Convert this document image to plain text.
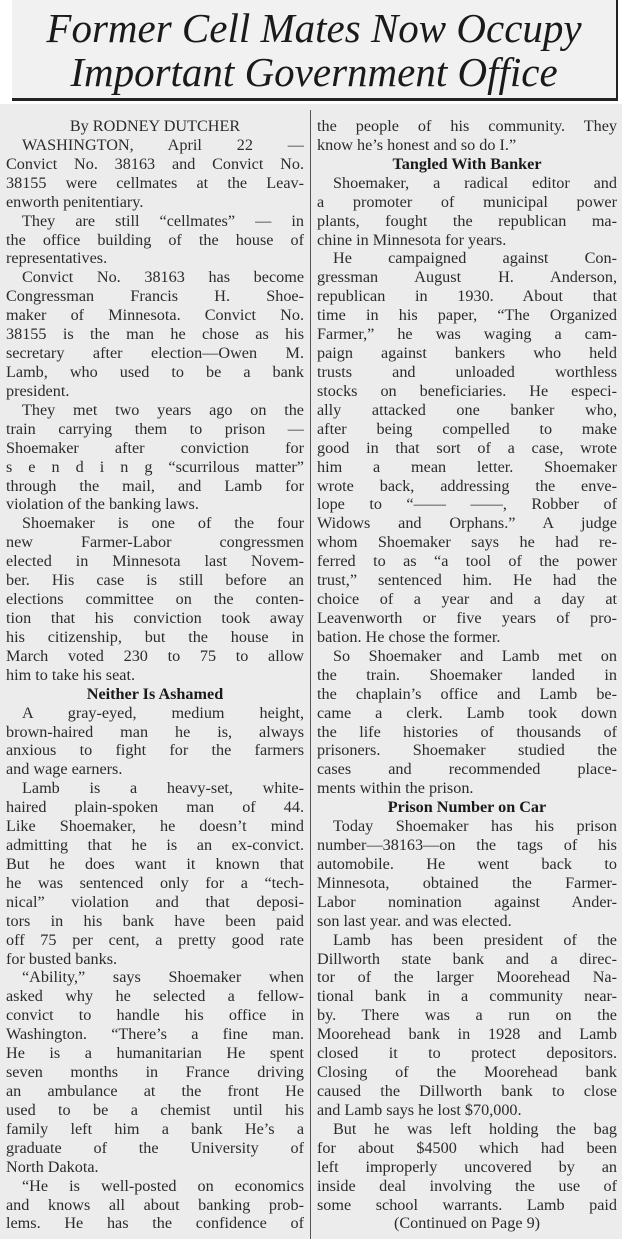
Former Cell Mates Now Occupy
Important Government Office
By RODNEY DUTCHER
WASHINGTON, April 22 —
Convict No. 38163 and Convict No.
38155 were cellmates at the Leav-
enworth penitentiary.
They are still “cellmates” — in
the office building of the house of
representatives.
Convict No. 38163 has become
Congressman Francis H. Shoe-
maker of Minnesota. Convict No.
38155 is the man he chose as his
secretary after election—Owen M.
Lamb, who used to be a bank
president.
They met two years ago on the
train carrying them to prison —
Shoemaker after conviction for
s e n d i n g “scurrilous matter”
through the mail, and Lamb for
violation of the banking laws.
Shoemaker is one of the four
new Farmer-Labor congressmen
elected in Minnesota last Novem-
ber. His case is still before an
elections committee on the conten-
tion that his conviction took away
his citizenship, but the house in
March voted 230 to 75 to allow
him to take his seat.
Neither Is Ashamed
A gray-eyed, medium height,
brown-haired man he is, always
anxious to fight for the farmers
and wage earners.
Lamb is a heavy-set, white-
haired plain-spoken man of 44.
Like Shoemaker, he doesn’t mind
admitting that he is an ex-convict.
But he does want it known that
he was sentenced only for a “tech-
nical” violation and that deposi-
tors in his bank have been paid
off 75 per cent, a pretty good rate
for busted banks.
“Ability,” says Shoemaker when
asked why he selected a fellow-
convict to handle his office in
Washington. “There’s a fine man.
He is a humanitarian He spent
seven months in France driving
an ambulance at the front He
used to be a chemist until his
family left him a bank He’s a
graduate of the University of
North Dakota.
“He is well-posted on economics
and knows all about banking prob-
lems. He has the confidence of
the people of his community. They
know he’s honest and so do I.”
Tangled With Banker
Shoemaker, a radical editor and
a promoter of municipal power
plants, fought the republican ma-
chine in Minnesota for years.
He campaigned against Con-
gressman August H. Anderson,
republican in 1930. About that
time in his paper, “The Organized
Farmer,” he was waging a cam-
paign against bankers who held
trusts and unloaded worthless
stocks on beneficiaries. He especi-
ally attacked one banker who,
after being compelled to make
good in that sort of a case, wrote
him a mean letter. Shoemaker
wrote back, addressing the enve-
lope to “—— ——, Robber of
Widows and Orphans.” A judge
whom Shoemaker says he had re-
ferred to as “a tool of the power
trust,” sentenced him. He had the
choice of a year and a day at
Leavenworth or five years of pro-
bation. He chose the former.
So Shoemaker and Lamb met on
the train. Shoemaker landed in
the chaplain’s office and Lamb be-
came a clerk. Lamb took down
the life histories of thousands of
prisoners. Shoemaker studied the
cases and recommended place-
ments within the prison.
Prison Number on Car
Today Shoemaker has his prison
number—38163—on the tags of his
automobile. He went back to
Minnesota, obtained the Farmer-
Labor nomination against Ander-
son last year. and was elected.
Lamb has been president of the
Dillworth state bank and a direc-
tor of the larger Moorehead Na-
tional bank in a community near-
by. There was a run on the
Moorehead bank in 1928 and Lamb
closed it to protect depositors.
Closing of the Moorehead bank
caused the Dillworth bank to close
and Lamb says he lost $70,000.
But he was left holding the bag
for about $4500 which had been
left improperly uncovered by an
inside deal involving the use of
some school warrants. Lamb paid
(Continued on Page 9)
